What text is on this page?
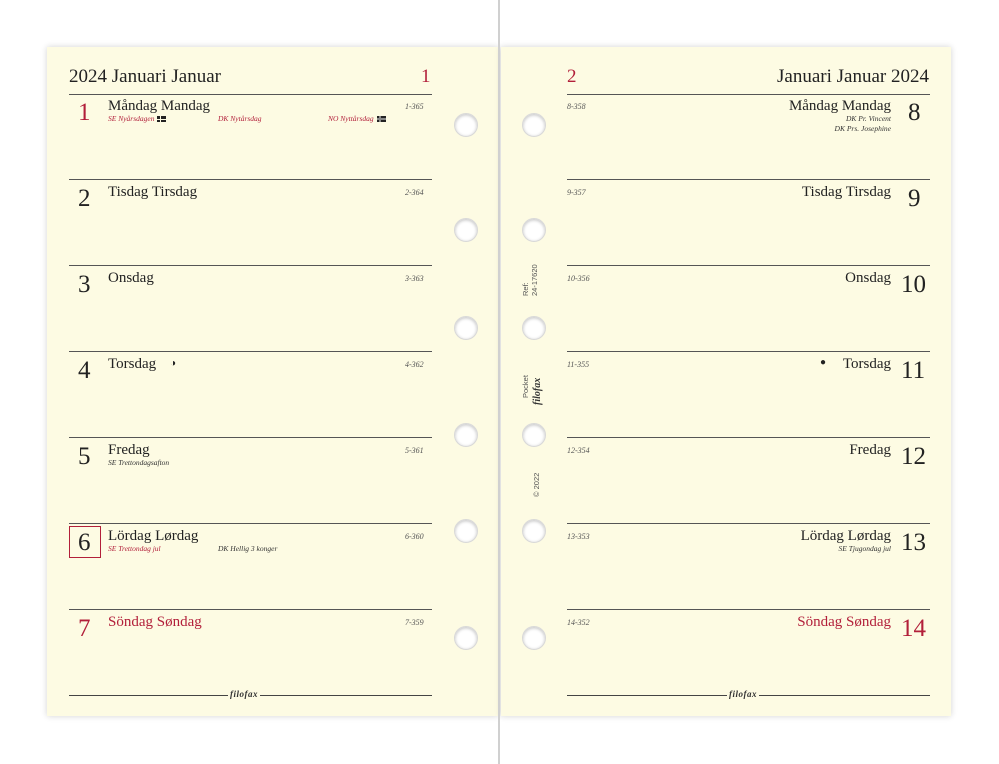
2024 Januari Januar	1
1 Måndag Mandag	1-365
SE Nyårsdagen	DK Nytårsdag	NO Nyttårsdag
2 Tisdag Tirsdag	2-364
3 Onsdag	3-363
4 Torsdag ◑	4-362
5 Fredag	5-361
SE Trettondagsafton
6 Lördag Lørdag	6-360
SE Trettondag jul	DK Hellig 3 konger
7 Söndag Søndag	7-359
filofax
Ref: 24-17620
Pocket filofax
© 2022
2	Januari Januar 2024
8-358	Måndag Mandag 8
DK Pr. Vincent
DK Prs. Josephine
9-357	Tisdag Tirsdag 9
10-356	Onsdag 10
11-355	● Torsdag 11
12-354	Fredag 12
13-353	Lördag Lørdag 13
SE Tjugondag jul
14-352	Söndag Søndag 14
filofax
